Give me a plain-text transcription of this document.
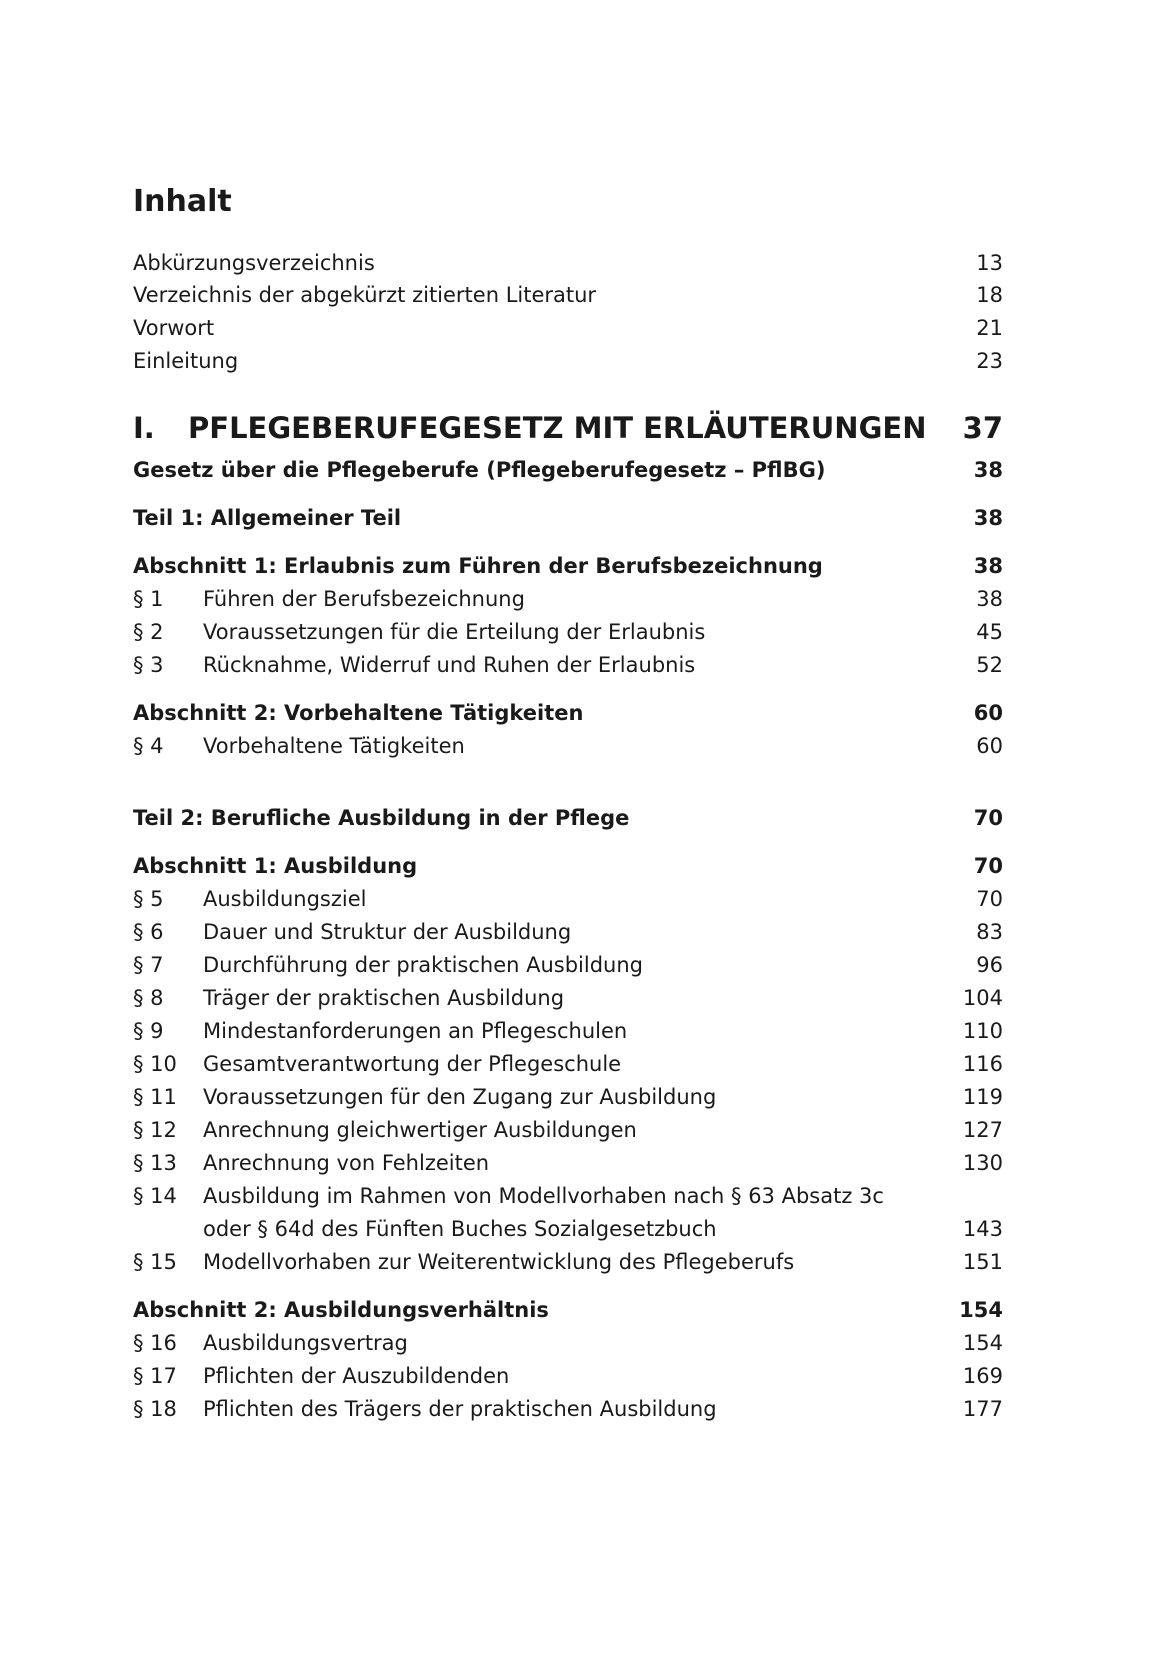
Inhalt
Abkürzungsverzeichnis	13
Verzeichnis der abgekürzt zitierten Literatur	18
Vorwort	21
Einleitung	23
I. PFLEGEBERUFEGESETZ MIT ERLÄUTERUNGEN 37
Gesetz über die Pflegeberufe (Pflegeberufegesetz – PflBG)	38
Teil 1: Allgemeiner Teil	38
Abschnitt 1: Erlaubnis zum Führen der Berufsbezeichnung	38
§ 1 Führen der Berufsbezeichnung	38
§ 2 Voraussetzungen für die Erteilung der Erlaubnis	45
§ 3 Rücknahme, Widerruf und Ruhen der Erlaubnis	52
Abschnitt 2: Vorbehaltene Tätigkeiten	60
§ 4 Vorbehaltene Tätigkeiten	60
Teil 2: Berufliche Ausbildung in der Pflege	70
Abschnitt 1: Ausbildung	70
§ 5 Ausbildungsziel	70
§ 6 Dauer und Struktur der Ausbildung	83
§ 7 Durchführung der praktischen Ausbildung	96
§ 8 Träger der praktischen Ausbildung	104
§ 9 Mindestanforderungen an Pflegeschulen	110
§ 10 Gesamtverantwortung der Pflegeschule	116
§ 11 Voraussetzungen für den Zugang zur Ausbildung	119
§ 12 Anrechnung gleichwertiger Ausbildungen	127
§ 13 Anrechnung von Fehlzeiten	130
§ 14 Ausbildung im Rahmen von Modellvorhaben nach § 63 Absatz 3c
oder § 64d des Fünften Buches Sozialgesetzbuch	143
§ 15 Modellvorhaben zur Weiterentwicklung des Pflegeberufs	151
Abschnitt 2: Ausbildungsverhältnis	154
§ 16 Ausbildungsvertrag	154
§ 17 Pflichten der Auszubildenden	169
§ 18 Pflichten des Trägers der praktischen Ausbildung	177
